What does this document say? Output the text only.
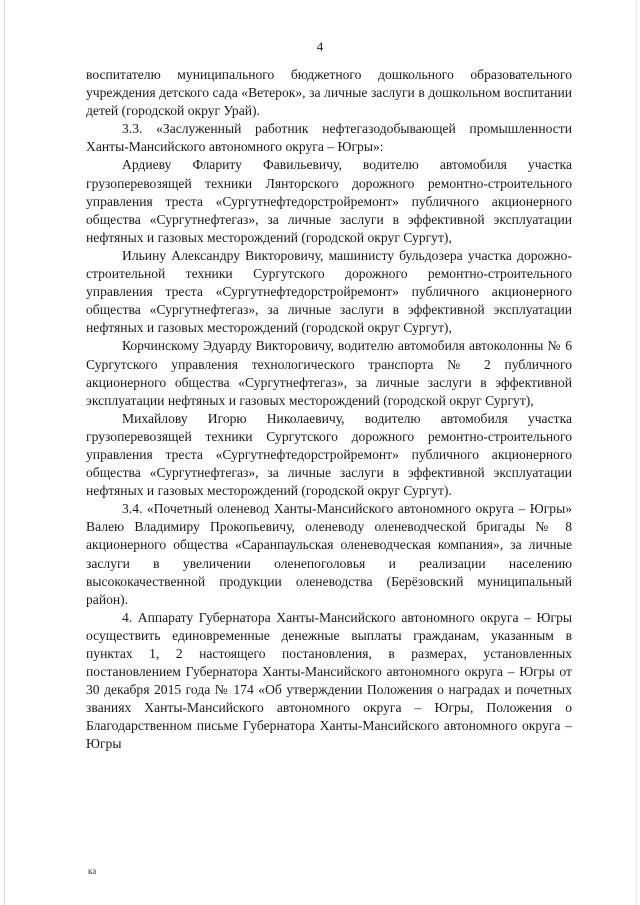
4

воспитателю муниципального бюджетного дошкольного образовательного учреждения детского сада «Ветерок», за личные заслуги в дошкольном воспитании детей (городской округ Урай).

3.3. «Заслуженный работник нефтегазодобывающей промышленности Ханты-Мансийского автономного округа – Югры»:

Ардиеву Флариту Фавильевичу, водителю автомобиля участка грузоперевозящей техники Лянторского дорожного ремонтно-строительного управления треста «Сургутнефтедорстройремонт» публичного акционерного общества «Сургутнефтегаз», за личные заслуги в эффективной эксплуатации нефтяных и газовых месторождений (городской округ Сургут),

Ильину Александру Викторовичу, машинисту бульдозера участка дорожно-строительной техники Сургутского дорожного ремонтно-строительного управления треста «Сургутнефтедорстройремонт» публичного акционерного общества «Сургутнефтегаз», за личные заслуги в эффективной эксплуатации нефтяных и газовых месторождений (городской округ Сургут),

Корчинскому Эдуарду Викторовичу, водителю автомобиля автоколонны № 6 Сургутского управления технологического транспорта № 2 публичного акционерного общества «Сургутнефтегаз», за личные заслуги в эффективной эксплуатации нефтяных и газовых месторождений (городской округ Сургут),

Михайлову Игорю Николаевичу, водителю автомобиля участка грузоперевозящей техники Сургутского дорожного ремонтно-строительного управления треста «Сургутнефтедорстройремонт» публичного акционерного общества «Сургутнефтегаз», за личные заслуги в эффективной эксплуатации нефтяных и газовых месторождений (городской округ Сургут).

3.4. «Почетный оленевод Ханты-Мансийского автономного округа – Югры» Валею Владимиру Прокопьевичу, оленеводу оленеводческой бригады № 8 акционерного общества «Саранпаульская оленеводческая компания», за личные заслуги в увеличении оленепоголовья и реализации населению высококачественной продукции оленеводства (Берёзовский муниципальный район).

4. Аппарату Губернатора Ханты-Мансийского автономного округа – Югры осуществить единовременные денежные выплаты гражданам, указанным в пунктах 1, 2 настоящего постановления, в размерах, установленных постановлением Губернатора Ханты-Мансийского автономного округа – Югры от 30 декабря 2015 года № 174 «Об утверждении Положения о наградах и почетных званиях Ханты-Мансийского автономного округа – Югры, Положения о Благодарственном письме Губернатора Ханты-Мансийского автономного округа – Югры

ка
